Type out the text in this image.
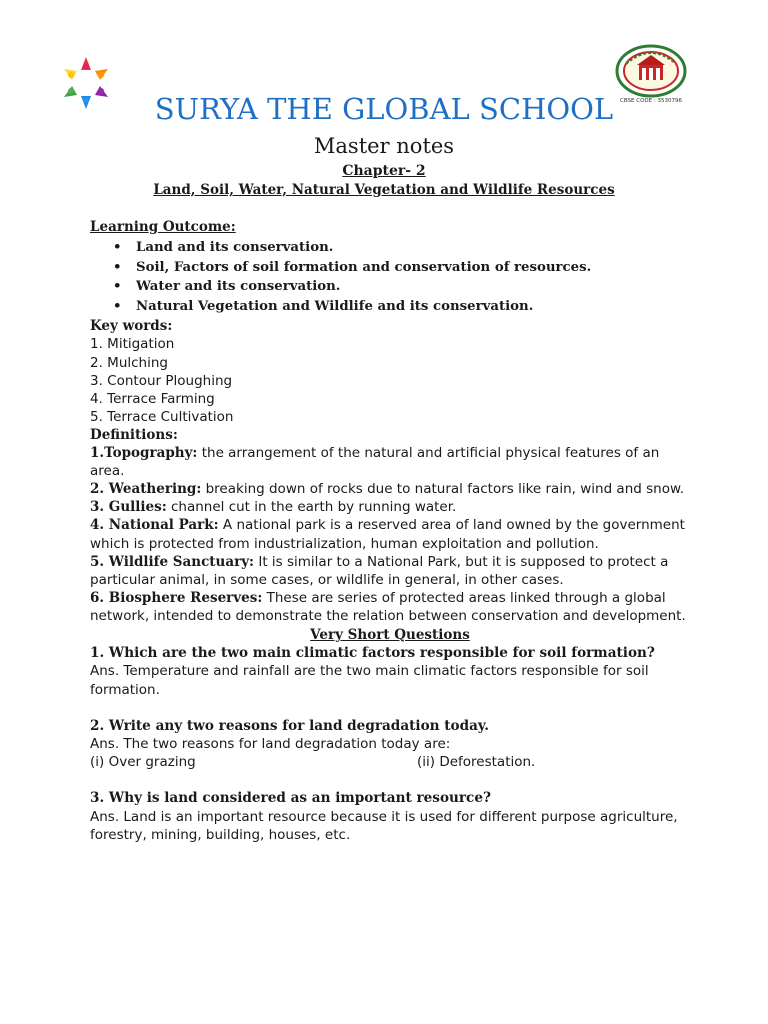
CBSE CODE : 3530796
SURYA THE GLOBAL SCHOOL
Master notes
Chapter- 2
Land, Soil, Water, Natural Vegetation and Wildlife Resources
Learning Outcome:
• Land and its conservation.
• Soil, Factors of soil formation and conservation of resources.
• Water and its conservation.
• Natural Vegetation and Wildlife and its conservation.
Key words:
1. Mitigation
2. Mulching
3. Contour Ploughing
4. Terrace Farming
5. Terrace Cultivation
Definitions:
1.Topography: the arrangement of the natural and artificial physical features of an area.
2. Weathering: breaking down of rocks due to natural factors like rain, wind and snow.
3. Gullies: channel cut in the earth by running water.
4. National Park: A national park is a reserved area of land owned by the government which is protected from industrialization, human exploitation and pollution.
5. Wildlife Sanctuary: It is similar to a National Park, but it is supposed to protect a particular animal, in some cases, or wildlife in general, in other cases.
6. Biosphere Reserves: These are series of protected areas linked through a global network, intended to demonstrate the relation between conservation and development.
Very Short Questions
1. Which are the two main climatic factors responsible for soil formation?
Ans. Temperature and rainfall are the two main climatic factors responsible for soil formation.
2. Write any two reasons for land degradation today.
Ans. The two reasons for land degradation today are:
(i) Over grazing	(ii) Deforestation.
3. Why is land considered as an important resource?
Ans. Land is an important resource because it is used for different purpose agriculture, forestry, mining, building, houses, etc.
